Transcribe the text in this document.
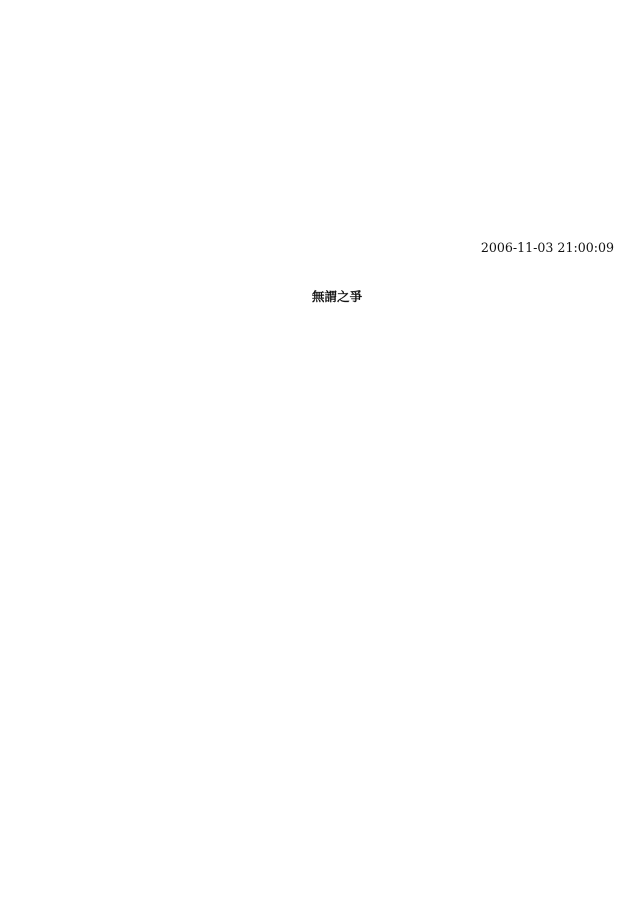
2006-11-03 21:00:09

無謂之爭
